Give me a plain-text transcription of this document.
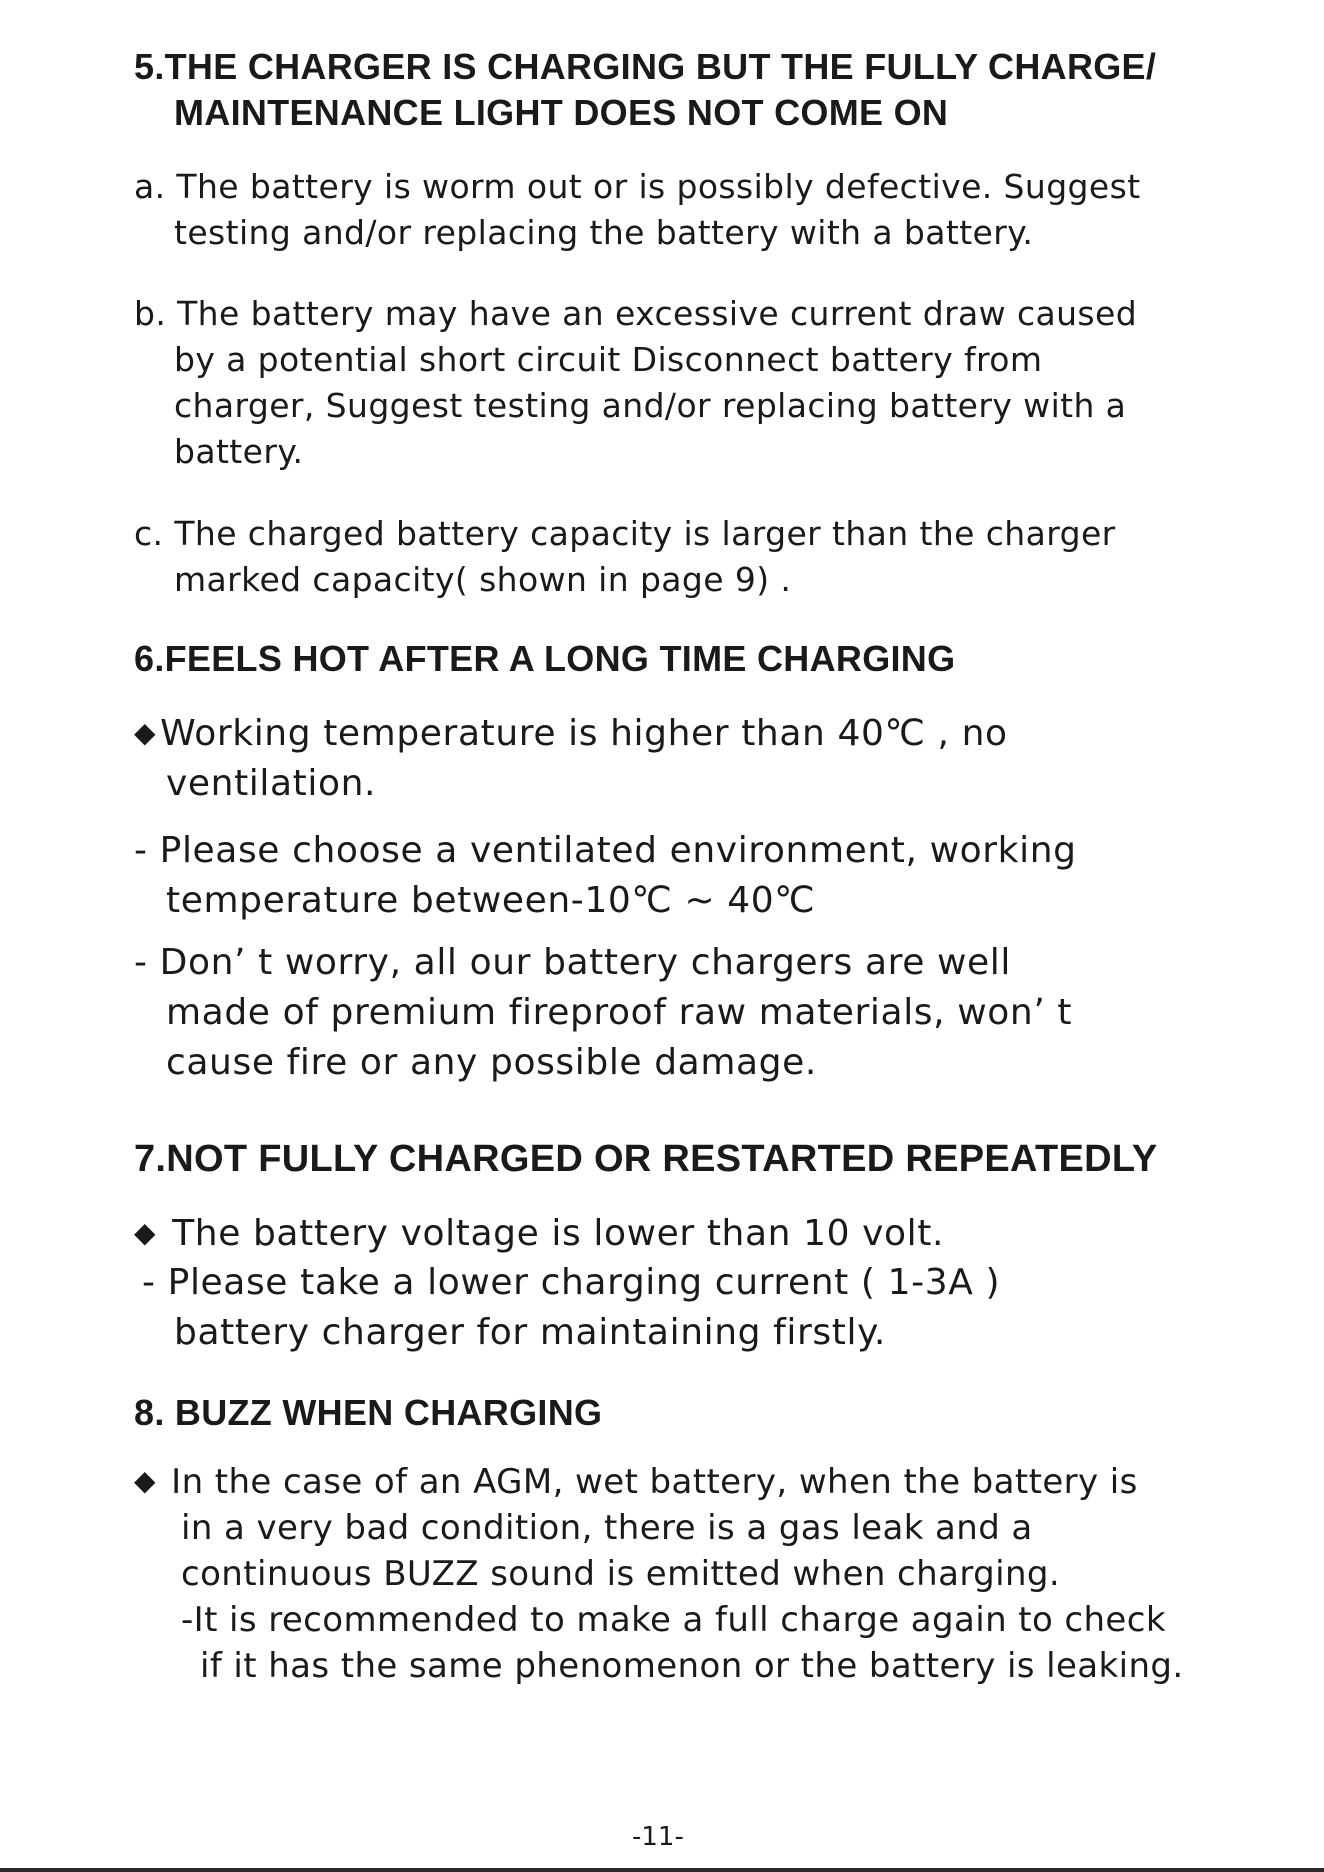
5.THE CHARGER IS CHARGING BUT THE FULLY CHARGE/
MAINTENANCE LIGHT DOES NOT COME ON
a. The battery is worm out or is possibly defective. Suggest
testing and/or replacing the battery with a battery.
b. The battery may have an excessive current draw caused
by a potential short circuit Disconnect battery from
charger, Suggest testing and/or replacing battery with a
battery.
c. The charged battery capacity is larger than the charger
marked capacity( shown in page 9) .
6.FEELS HOT AFTER A LONG TIME CHARGING
◆ Working temperature is higher than 40℃ , no
ventilation.
- Please choose a ventilated environment, working
temperature between-10℃ ~ 40℃
- Don’ t worry, all our battery chargers are well
made of premium fireproof raw materials, won’ t
cause fire or any possible damage.
7.NOT FULLY CHARGED OR RESTARTED REPEATEDLY
◆ The battery voltage is lower than 10 volt.
- Please take a lower charging current ( 1-3A )
battery charger for maintaining firstly.
8. BUZZ WHEN CHARGING
◆ In the case of an AGM, wet battery, when the battery is
in a very bad condition, there is a gas leak and a
continuous BUZZ sound is emitted when charging.
-It is recommended to make a full charge again to check
if it has the same phenomenon or the battery is leaking.
-11-
